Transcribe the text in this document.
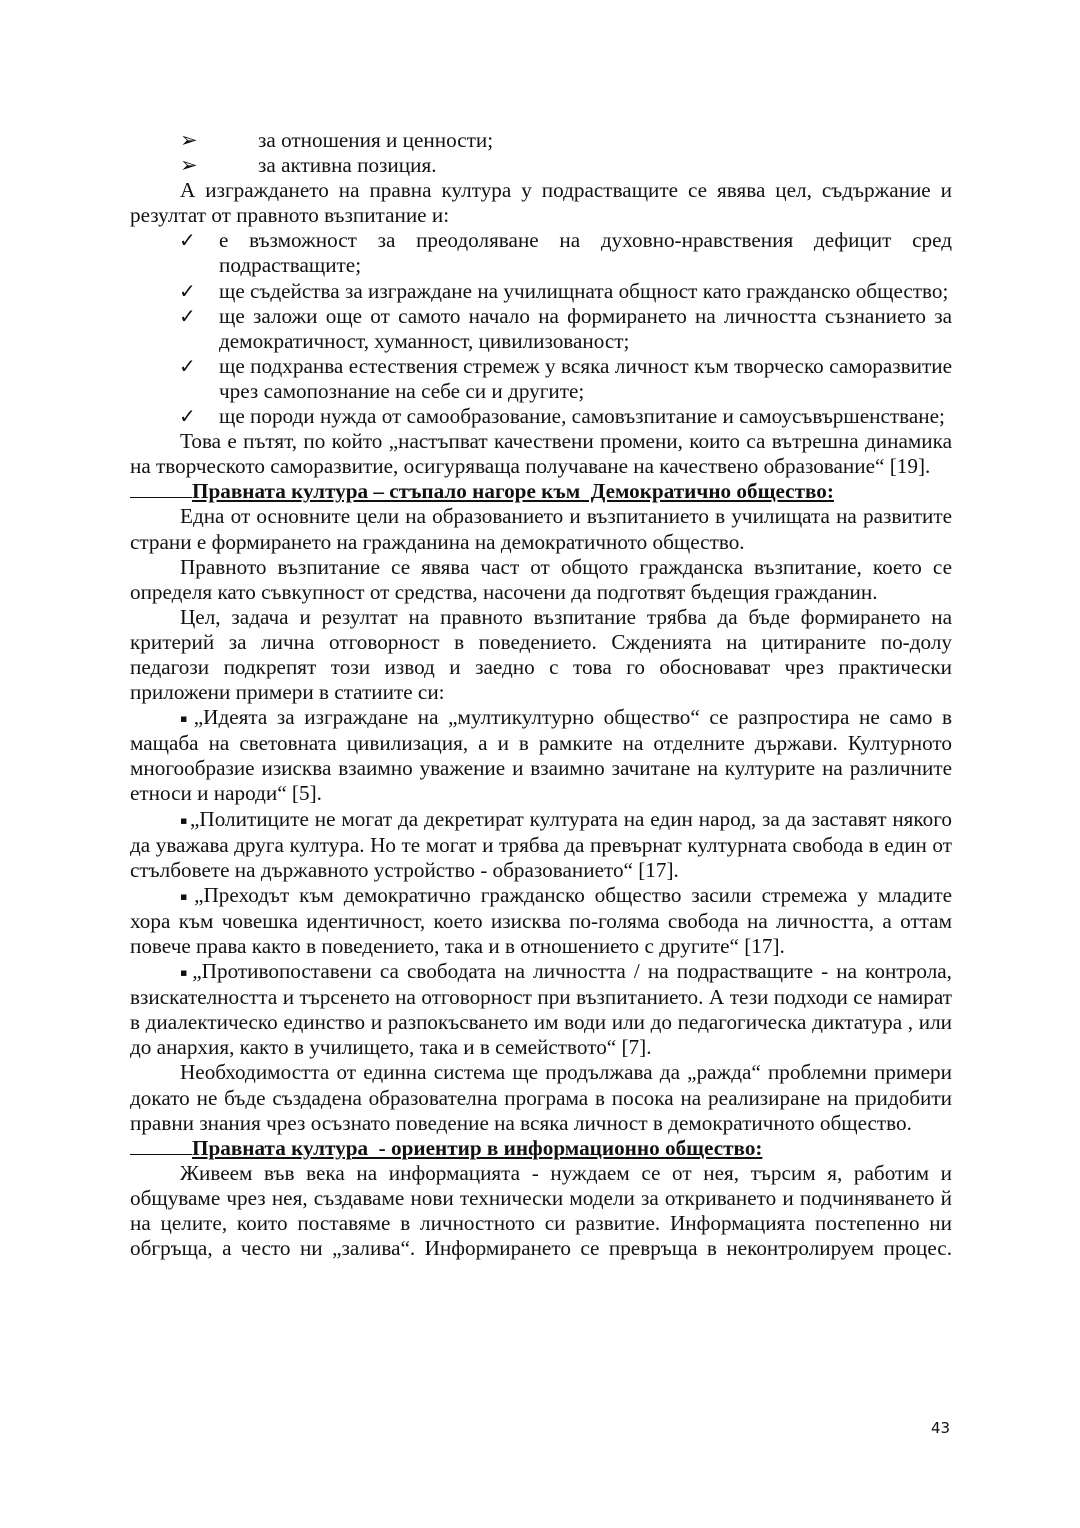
➢	за отношения и ценности;
➢	за активна позиция.
А изграждането на правна култура у подрастващите се явява цел, съдържание и резултат от правното възпитание и:
✓ е възможност за преодоляване на духовно-нравствения дефицит сред подрастващите;
✓ ще съдейства за изграждане на училищната общност като гражданско общество;
✓ ще заложи още от самото начало на формирането на личността съзнанието за демократичност, хуманност, цивилизованост;
✓ ще подхранва естествения стремеж у всяка личност към творческо саморазвитие чрез самопознание на себе си и другите;
✓ ще породи нужда от самообразование, самовъзпитание и самоусъвършенстване;
Това е пътят, по който „настъпват качествени промени, които са вътрешна динамика на творческото саморазвитие, осигуряваща получаване на качествено образование“ [19].
Правната култура – стъпало нагоре към  Демократично общество:
Една от основните цели на образованието и възпитанието в училищата на развитите страни е формирането на гражданина на демократичното общество.
Правното възпитание се явява част от общото гражданска възпитание, което се определя като съвкупност от средства, насочени да подготвят бъдещия гражданин.
Цел, задача и резултат на правното възпитание трябва да бъде формирането на критерий за лична отговорност в поведението. Сжденията на цитираните по-долу педагози подкрепят този извод и заедно с това го обосновават чрез практически приложени примери в статиите си:
▪„Идеята за изграждане на „мултикултурно общество“ се разпростира не само в мащаба на световната цивилизация, а и в рамките на отделните държави. Културното многообразие изисква взаимно уважение и взаимно зачитане на културите на различните етноси и народи“ [5].
▪„Политиците не могат да декретират културата на един народ, за да заставят някого да уважава друга култура. Но те могат и трябва да превърнат културната свобода в един от стълбовете на държавното устройство - образованието“ [17].
▪„Преходът към демократично гражданско общество засили стремежа у младите хора към човешка идентичност, което изисква по-голяма свобода на личността, а оттам повече права както в поведението, така и в отношението с другите“ [17].
▪„Противопоставени са свободата на личността / на подрастващите - на контрола, взискателността и търсенето на отговорност при възпитанието. А тези подходи се намират в диалектическо единство и разпокъсването им води или до педагогическа диктатура , или до анархия, както в училището, така и в семейството“ [7].
Необходимостта от единна система ще продължава да „ражда“ проблемни примери докато не бъде създадена образователна програма в посока на реализиране на придобити правни знания чрез осъзнато поведение на всяка личност в демократичното общество.
Правната култура  - ориентир в информационно общество:
Живеем във века на информацията - нуждаем се от нея, търсим я, работим и общуваме чрез нея, създаваме нови технически модели за откриването и подчиняването й на целите, които поставяме в личностното си развитие. Информацията постепенно ни обгръща, а често ни „залива“. Информирането се превръща в неконтролируем процес.
43
